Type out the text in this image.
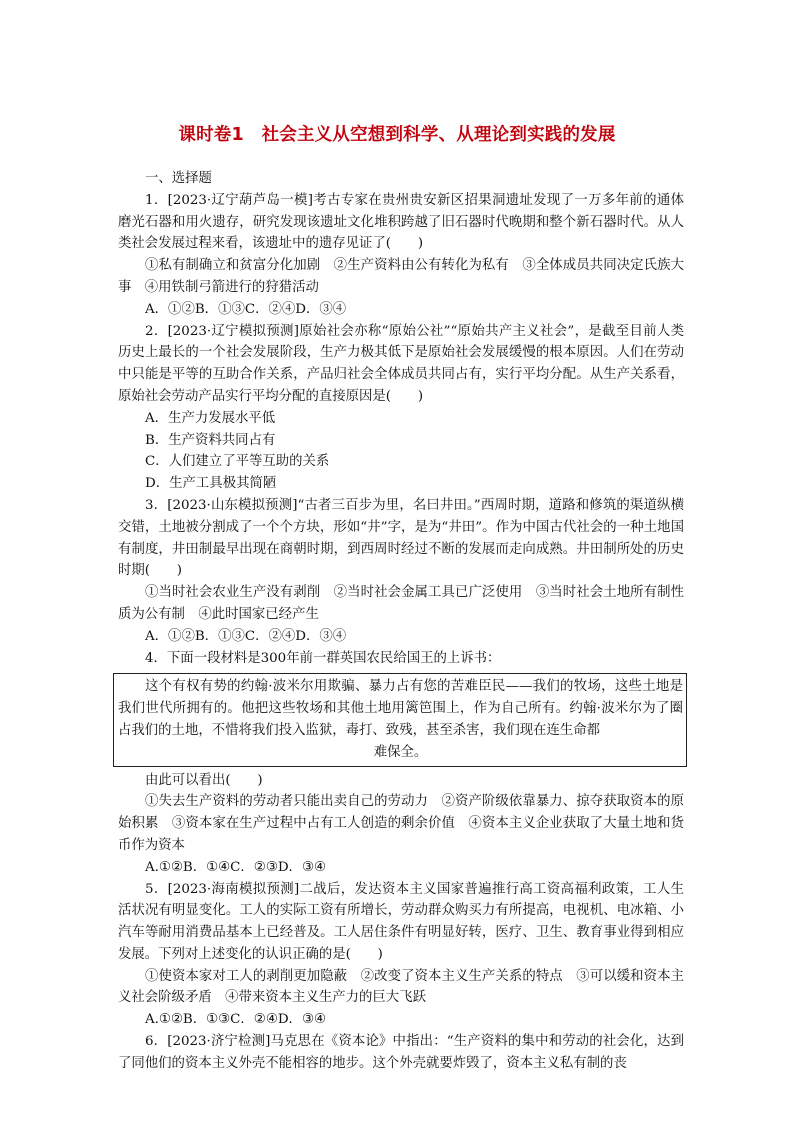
课时卷1　社会主义从空想到科学、从理论到实践的发展

一、选择题

1．[2023·辽宁葫芦岛一模]考古专家在贵州贵安新区招果洞遗址发现了一万多年前的通体磨光石器和用火遗存，研究发现该遗址文化堆积跨越了旧石器时代晚期和整个新石器时代。从人类社会发展过程来看，该遗址中的遗存见证了(　　)

①私有制确立和贫富分化加剧　②生产资料由公有转化为私有　③全体成员共同决定氏族大事　④用铁制弓箭进行的狩猎活动

A．①②B．①③C．②④D．③④

2．[2023·辽宁模拟预测]原始社会亦称“原始公社”“原始共产主义社会”，是截至目前人类历史上最长的一个社会发展阶段，生产力极其低下是原始社会发展缓慢的根本原因。人们在劳动中只能是平等的互助合作关系，产品归社会全体成员共同占有，实行平均分配。从生产关系看，原始社会劳动产品实行平均分配的直接原因是(　　)

A．生产力发展水平低

B．生产资料共同占有

C．人们建立了平等互助的关系

D．生产工具极其简陋

3．[2023·山东模拟预测]“古者三百步为里，名曰井田。”西周时期，道路和修筑的渠道纵横交错，土地被分割成了一个个方块，形如“井”字，是为“井田”。作为中国古代社会的一种土地国有制度，井田制最早出现在商朝时期，到西周时经过不断的发展而走向成熟。井田制所处的历史时期(　　)

①当时社会农业生产没有剥削　②当时社会金属工具已广泛使用　③当时社会土地所有制性质为公有制　④此时国家已经产生

A．①②B．①③C．②④D．③④

4．下面一段材料是300年前一群英国农民给国王的上诉书：

这个有权有势的约翰·波米尔用欺骗、暴力占有您的苦难臣民——我们的牧场，这些土地是我们世代所拥有的。他把这些牧场和其他土地用篱笆围上，作为自己所有。约翰·波米尔为了圈占我们的土地，不惜将我们投入监狱，毒打、致残，甚至杀害，我们现在连生命都

难保全。

由此可以看出(　　)

①失去生产资料的劳动者只能出卖自己的劳动力　②资产阶级依靠暴力、掠夺获取资本的原始积累　③资本家在生产过程中占有工人创造的剩余价值　④资本主义企业获取了大量土地和货币作为资本

A.①②B．①④C．②③D．③④

5．[2023·海南模拟预测]二战后，发达资本主义国家普遍推行高工资高福利政策，工人生活状况有明显变化。工人的实际工资有所增长，劳动群众购买力有所提高，电视机、电冰箱、小汽车等耐用消费品基本上已经普及。工人居住条件有明显好转，医疗、卫生、教育事业得到相应发展。下列对上述变化的认识正确的是(　　)

①使资本家对工人的剥削更加隐蔽　②改变了资本主义生产关系的特点　③可以缓和资本主义社会阶级矛盾　④带来资本主义生产力的巨大飞跃

A.①②B．①③C．②④D．③④

6．[2023·济宁检测]马克思在《资本论》中指出：“生产资料的集中和劳动的社会化，达到了同他们的资本主义外壳不能相容的地步。这个外壳就要炸毁了，资本主义私有制的丧
